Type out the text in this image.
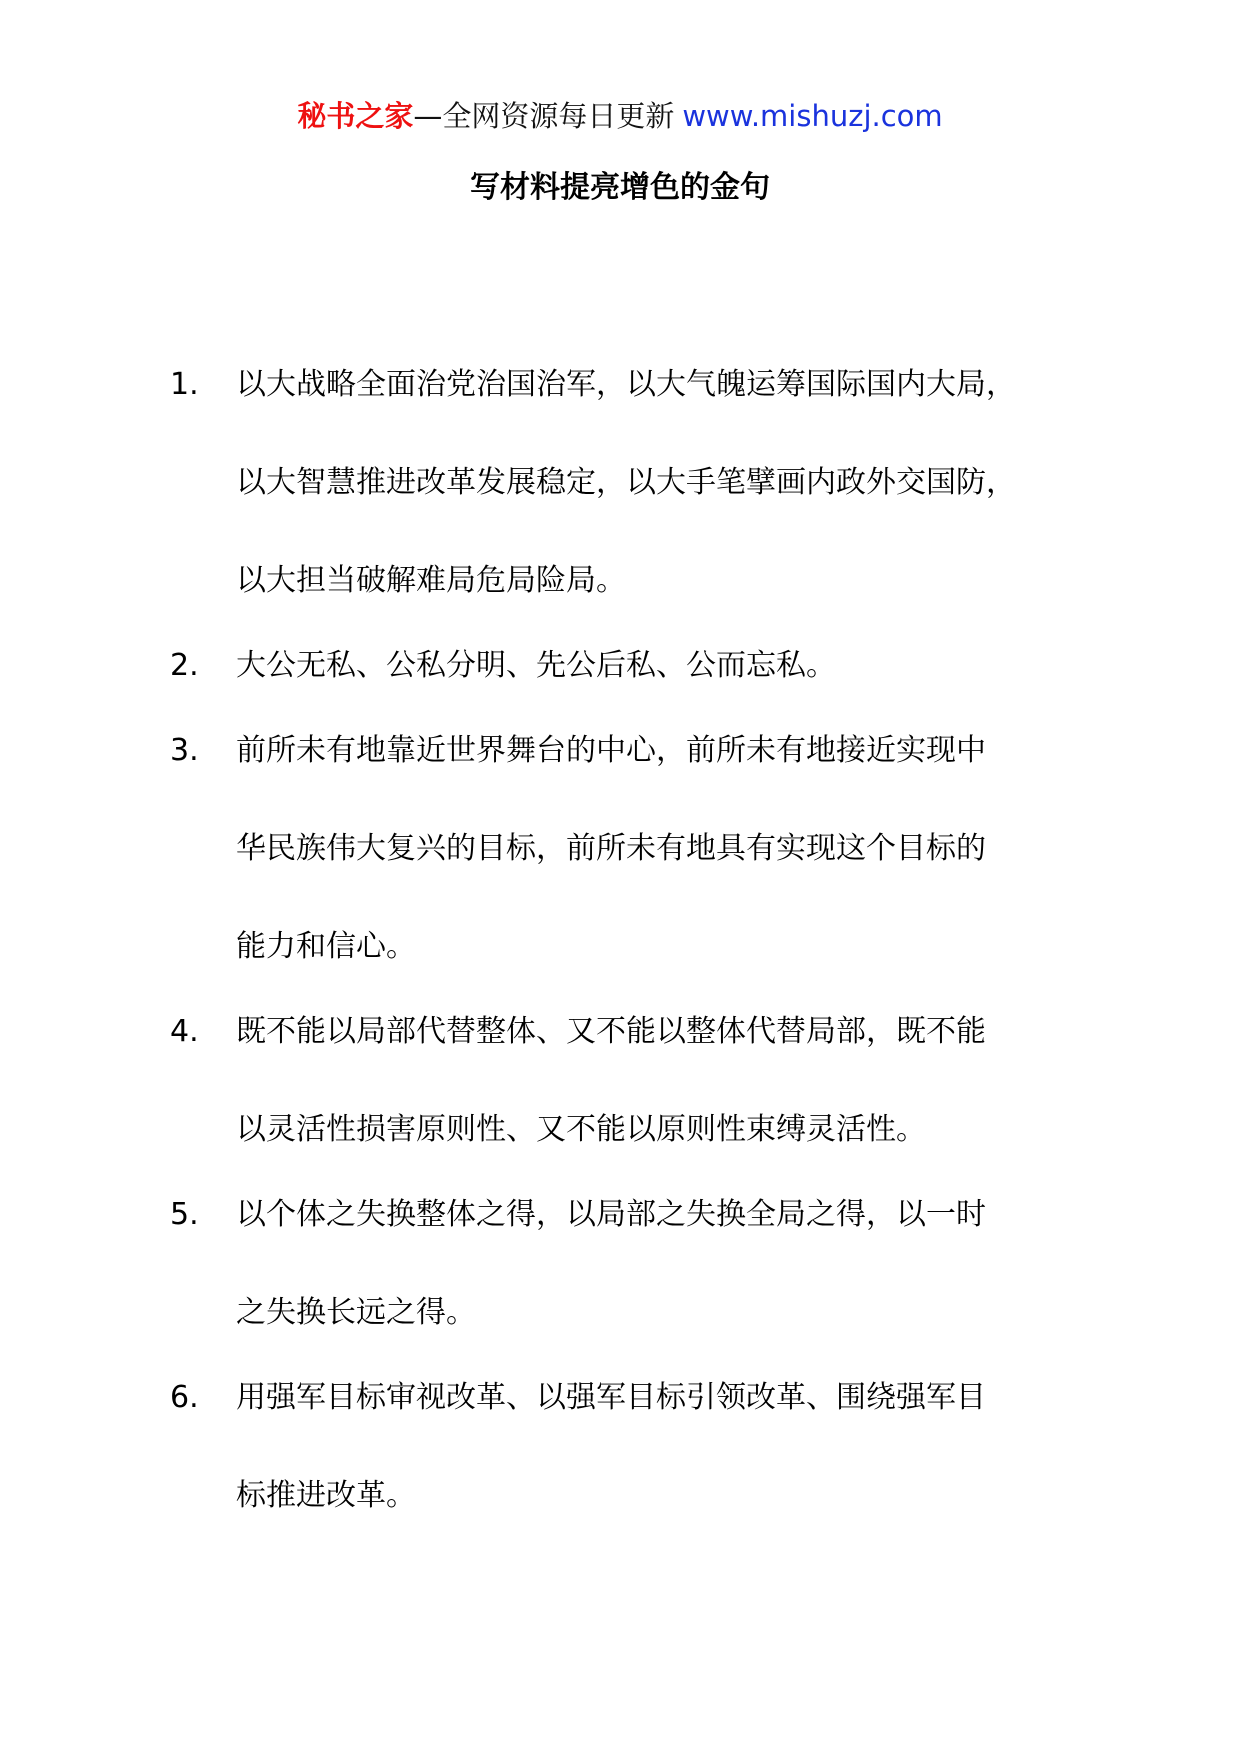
秘书之家—全网资源每日更新 www.mishuzj.com
写材料提亮增色的金句
1.	以大战略全面治党治国治军，以大气魄运筹国际国内大局，
以大智慧推进改革发展稳定，以大手笔擘画内政外交国防，
以大担当破解难局危局险局。
2.	大公无私、公私分明、先公后私、公而忘私。
3.	前所未有地靠近世界舞台的中心，前所未有地接近实现中
华民族伟大复兴的目标，前所未有地具有实现这个目标的
能力和信心。
4.	既不能以局部代替整体、又不能以整体代替局部，既不能
以灵活性损害原则性、又不能以原则性束缚灵活性。
5.	以个体之失换整体之得，以局部之失换全局之得，以一时
之失换长远之得。
6.	用强军目标审视改革、以强军目标引领改革、围绕强军目
标推进改革。
